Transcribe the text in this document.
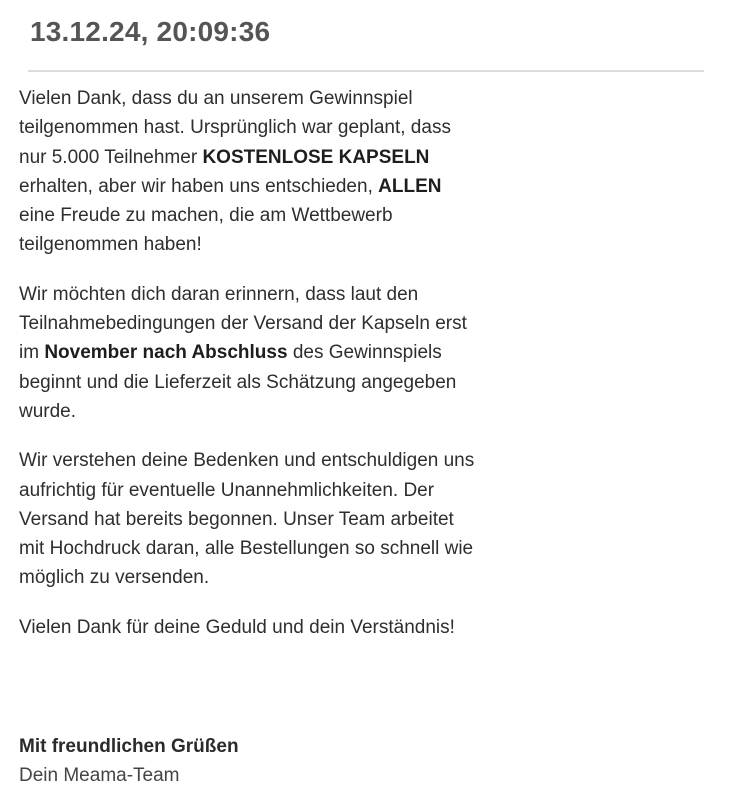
13.12.24, 20:09:36

Vielen Dank, dass du an unserem Gewinnspiel teilgenommen hast. Ursprünglich war geplant, dass nur 5.000 Teilnehmer KOSTENLOSE KAPSELN erhalten, aber wir haben uns entschieden, ALLEN eine Freude zu machen, die am Wettbewerb teilgenommen haben!

Wir möchten dich daran erinnern, dass laut den Teilnahmebedingungen der Versand der Kapseln erst im November nach Abschluss des Gewinnspiels beginnt und die Lieferzeit als Schätzung angegeben wurde.

Wir verstehen deine Bedenken und entschuldigen uns aufrichtig für eventuelle Unannehmlichkeiten. Der Versand hat bereits begonnen. Unser Team arbeitet mit Hochdruck daran, alle Bestellungen so schnell wie möglich zu versenden.

Vielen Dank für deine Geduld und dein Verständnis!

Mit freundlichen Grüßen
Dein Meama-Team
